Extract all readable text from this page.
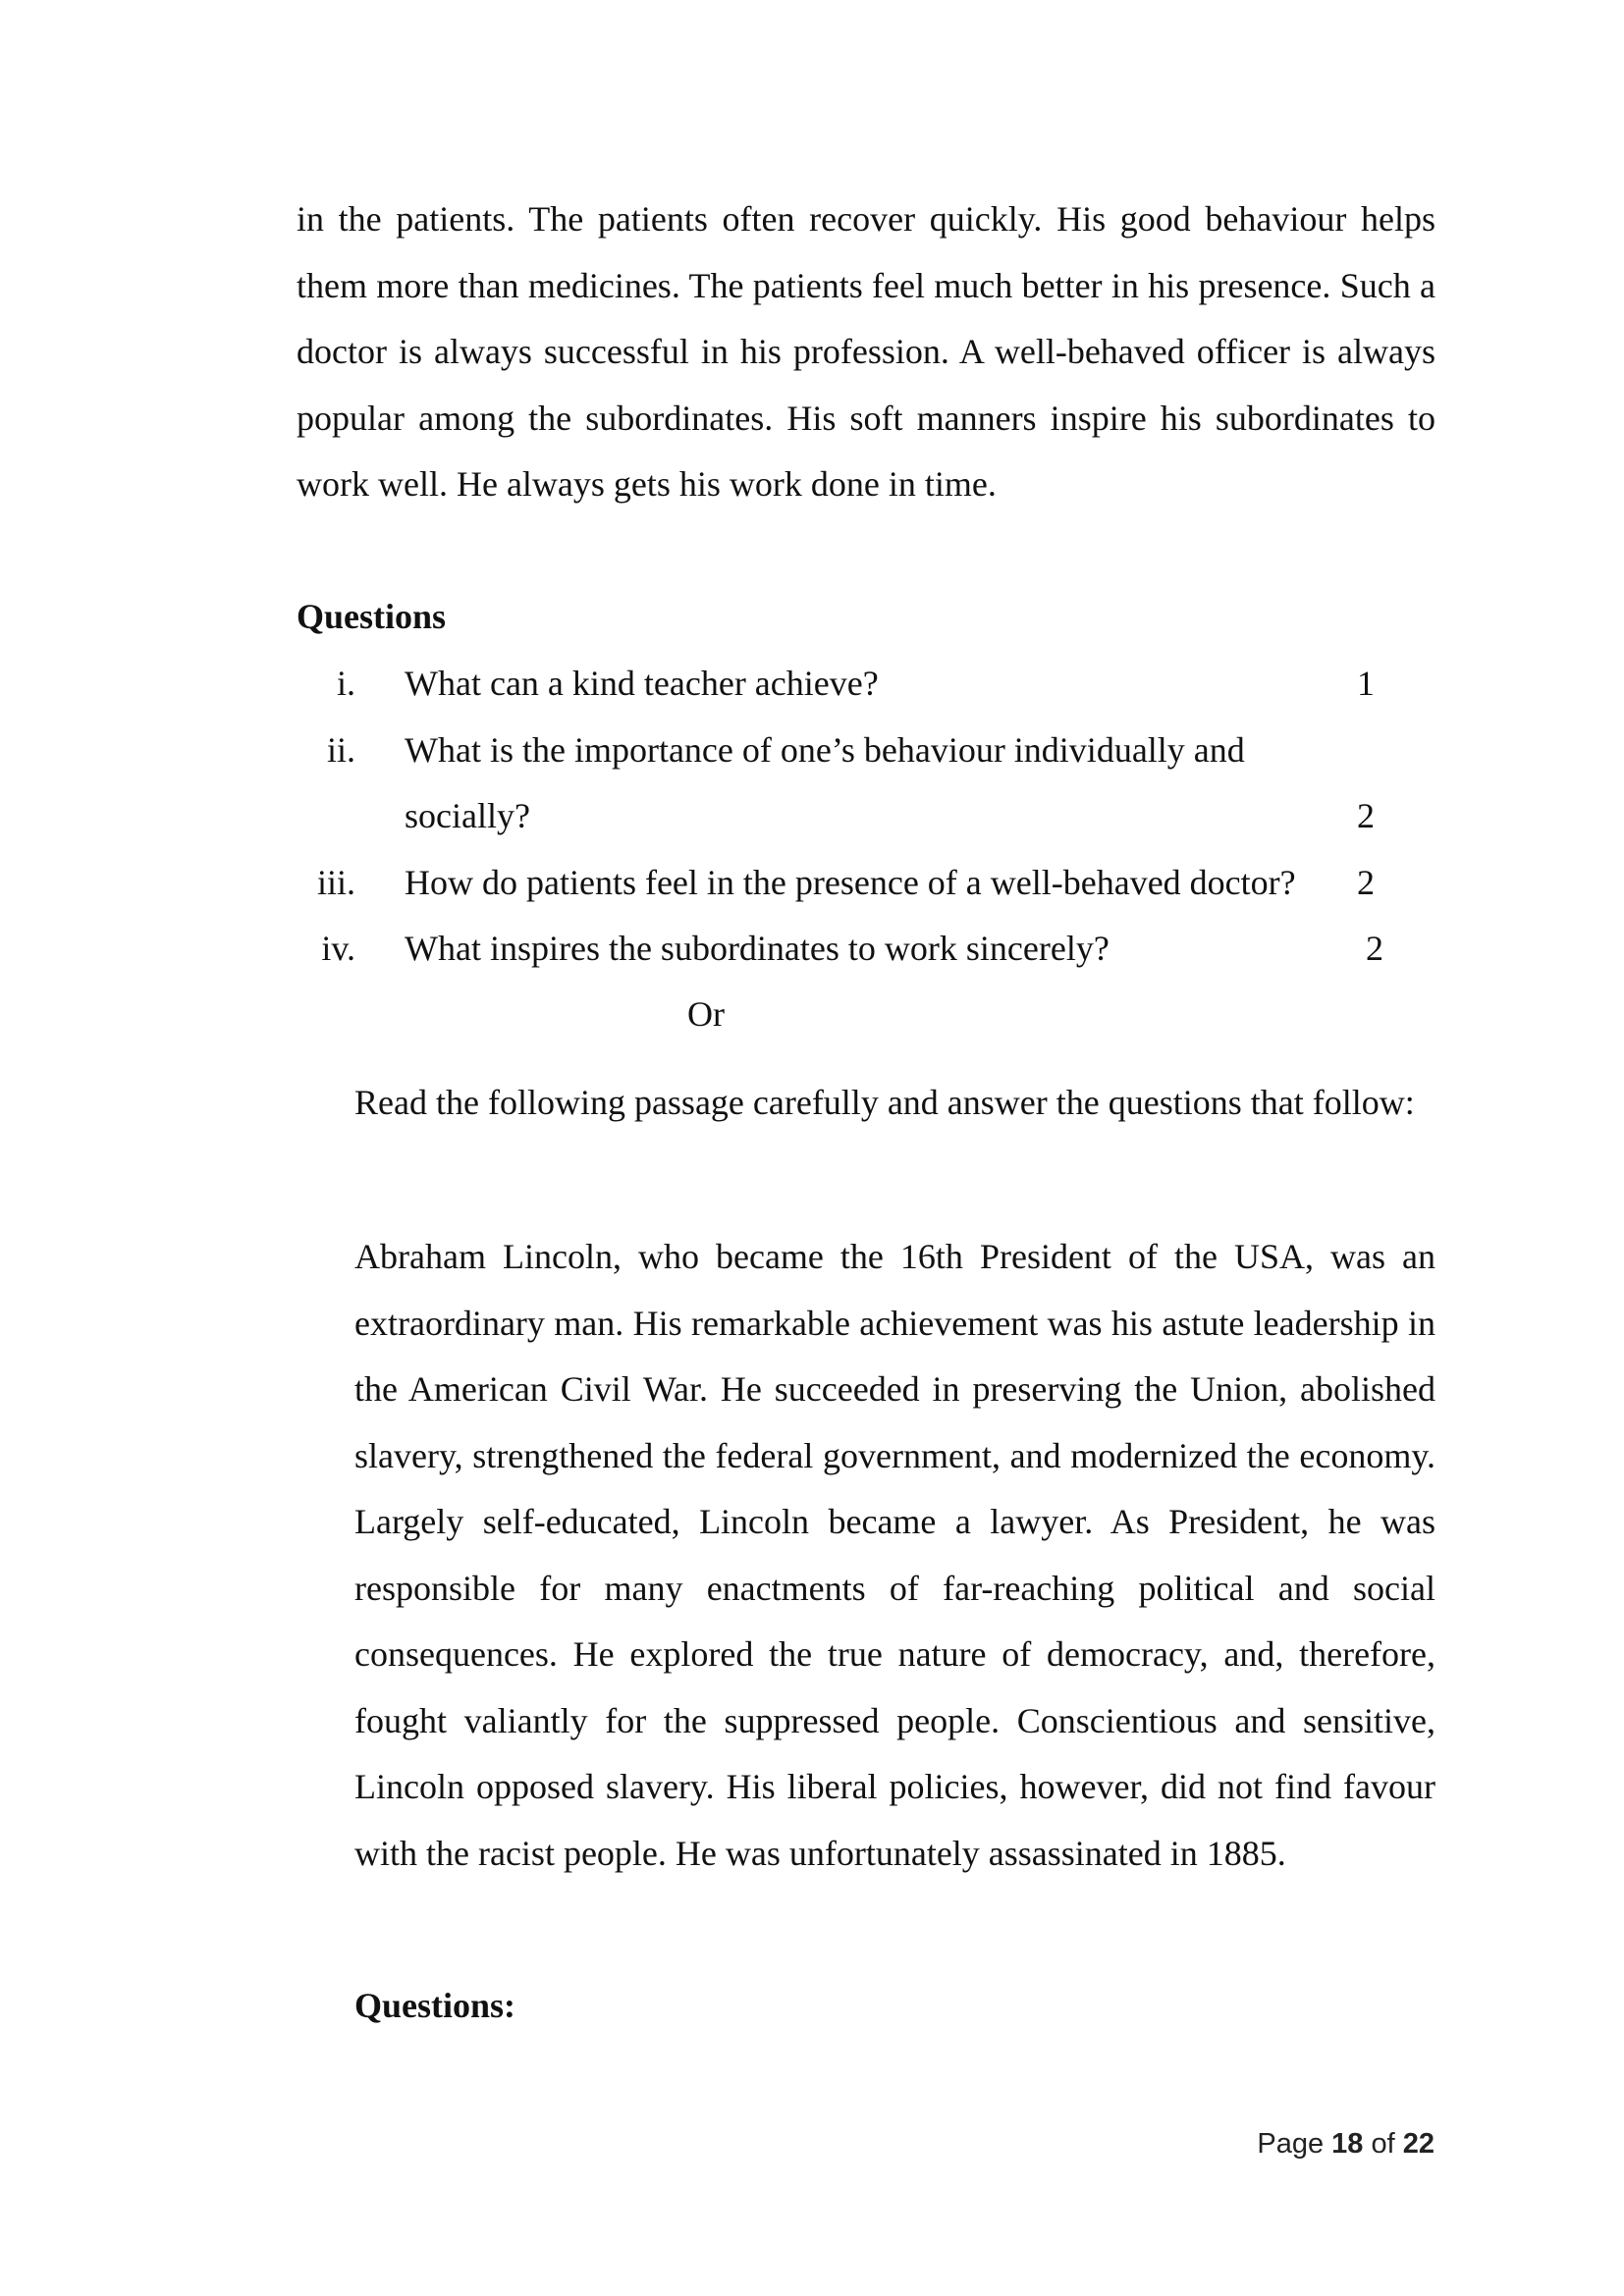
in the patients. The patients often recover quickly. His good behaviour helps them more than medicines. The patients feel much better in his presence. Such a doctor is always successful in his profession. A well-behaved officer is always popular among the subordinates. His soft manners inspire his subordinates to work well. He always gets his work done in time.

Questions
i. What can a kind teacher achieve?	1
ii. What is the importance of one’s behaviour individually and
socially?	2
iii. How do patients feel in the presence of a well-behaved doctor? 2
iv. What inspires the subordinates to work sincerely?	2
Or

Read the following passage carefully and answer the questions that follow:

Abraham Lincoln, who became the 16th President of the USA, was an extraordinary man. His remarkable achievement was his astute leadership in the American Civil War. He succeeded in preserving the Union, abolished slavery, strengthened the federal government, and modernized the economy. Largely self-educated, Lincoln became a lawyer. As President, he was responsible for many enactments of far-reaching political and social consequences. He explored the true nature of democracy, and, therefore, fought valiantly for the suppressed people. Conscientious and sensitive, Lincoln opposed slavery. His liberal policies, however, did not find favour with the racist people. He was unfortunately assassinated in 1885.

Questions:
Page 18 of 22
